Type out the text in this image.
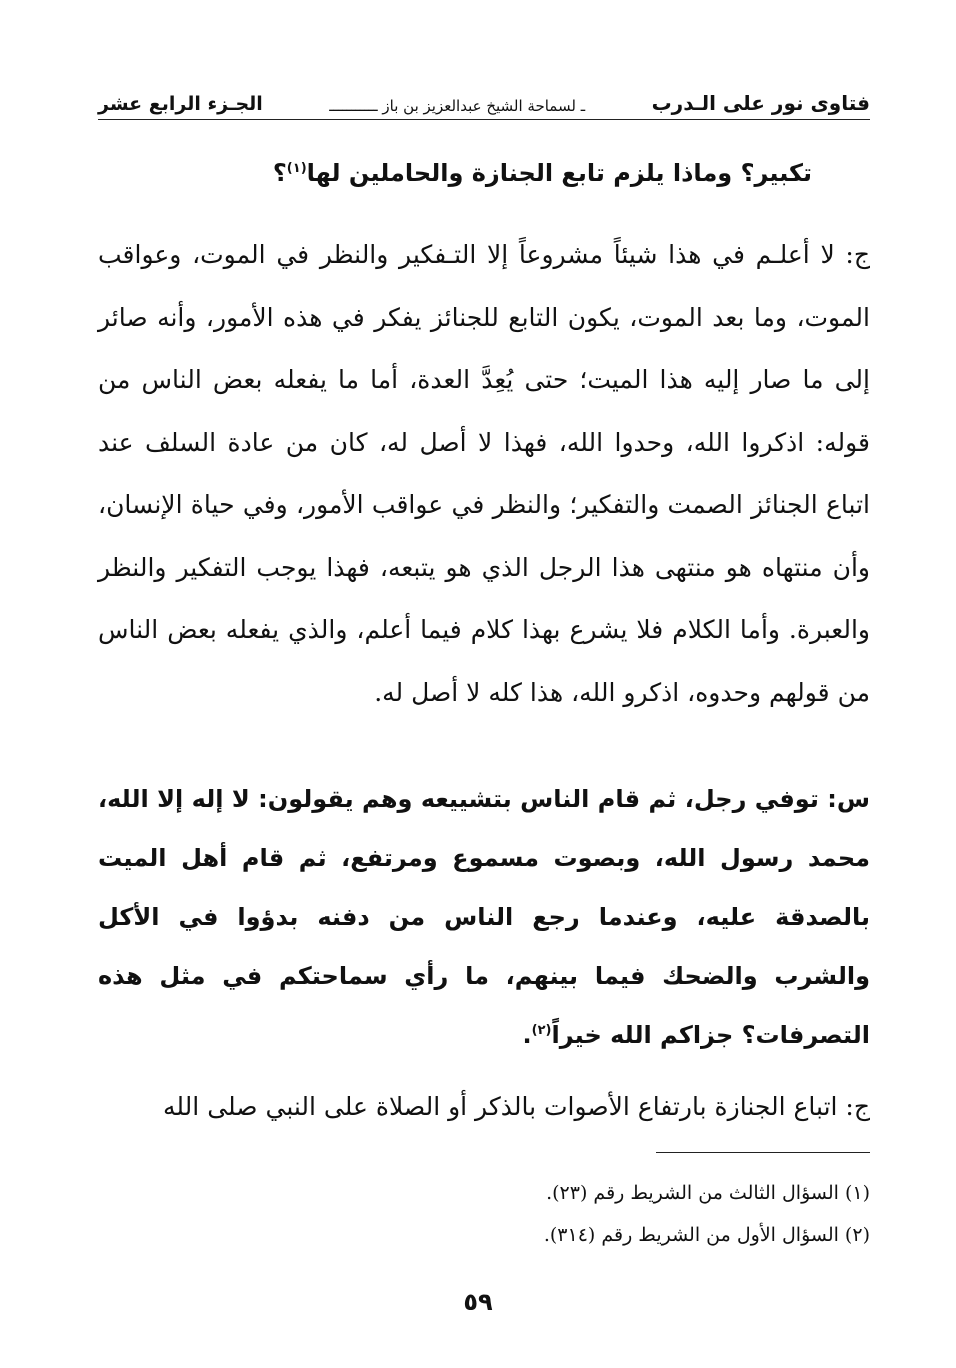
فتاوى نور على الـدرب
ـ لسماحة الشيخ عبدالعزيز بن باز ـــــــــــ
الجـزء الرابع عشر
تكبير؟ وماذا يلزم تابع الجنازة والحاملين لها$^{(١)}$؟
ج: لا أعلـم في هذا شيئاً مشروعاً إلا التـفكير والنظر في الموت، وعواقب الموت، وما بعد الموت، يكون التابع للجنائز يفكر في هذه الأمور، وأنه صائر إلى ما صار إليه هذا الميت؛ حتى يُعِدَّ العدة، أما ما يفعله بعض الناس من قوله: اذكروا الله، وحدوا الله، فهذا لا أصل له، كان من عادة السلف عند اتباع الجنائز الصمت والتفكير؛ والنظر في عواقب الأمور، وفي حياة الإنسان، وأن منتهاه هو منتهى هذا الرجل الذي هو يتبعه، فهذا يوجب التفكير والنظر والعبرة. وأما الكلام فلا يشرع بهذا كلام فيما أعلم، والذي يفعله بعض الناس من قولهم وحدوه، اذكرو الله، هذا كله لا أصل له.
س: توفي رجل، ثم قام الناس بتشييعه وهم يقولون: لا إله إلا الله، محمد رسول الله، وبصوت مسموع ومرتفع، ثم قام أهل الميت بالصدقة عليه، وعندما رجع الناس من دفنه بدؤوا في الأكل والشرب والضحك فيما بينهم، ما رأي سماحتكم في مثل هذه التصرفات؟ جزاكم الله خيراً$^{(٢)}$.
ج: اتباع الجنازة بارتفاع الأصوات بالذكر أو الصلاة على النبي صلى الله
(١) السؤال الثالث من الشريط رقم (٢٣).
(٢) السؤال الأول من الشريط رقم (٣١٤).
٥٩
